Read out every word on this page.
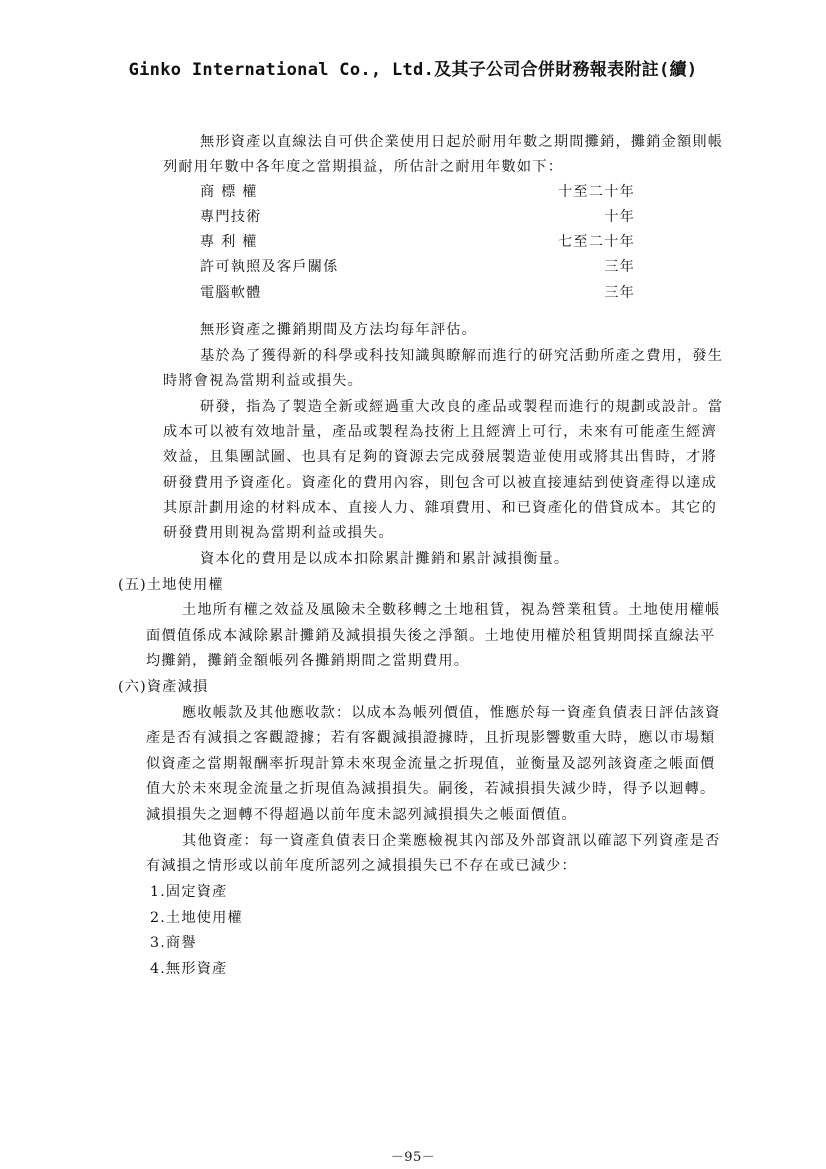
Ginko International Co., Ltd.及其子公司合併財務報表附註(續)
無形資產以直線法自可供企業使用日起於耐用年數之期間攤銷，攤銷金額則帳
列耐用年數中各年度之當期損益，所估計之耐用年數如下：
商 標 權	十至二十年
專門技術	十年
專 利 權	七至二十年
許可執照及客戶關係	三年
電腦軟體	三年
無形資產之攤銷期間及方法均每年評估。
基於為了獲得新的科學或科技知識與瞭解而進行的研究活動所產之費用，發生
時將會視為當期利益或損失。
研發，指為了製造全新或經過重大改良的產品或製程而進行的規劃或設計。當
成本可以被有效地計量，產品或製程為技術上且經濟上可行，未來有可能產生經濟
效益，且集團試圖、也具有足夠的資源去完成發展製造並使用或將其出售時，才將
研發費用予資產化。資產化的費用內容，則包含可以被直接連結到使資產得以達成
其原計劃用途的材料成本、直接人力、雜項費用、和已資產化的借貸成本。其它的
研發費用則視為當期利益或損失。
資本化的費用是以成本扣除累計攤銷和累計減損衡量。
(五)土地使用權
土地所有權之效益及風險未全數移轉之土地租賃，視為營業租賃。土地使用權帳
面價值係成本減除累計攤銷及減損損失後之淨額。土地使用權於租賃期間採直線法平
均攤銷，攤銷金額帳列各攤銷期間之當期費用。
(六)資產減損
應收帳款及其他應收款：以成本為帳列價值，惟應於每一資產負債表日評估該資
產是否有減損之客觀證據；若有客觀減損證據時，且折現影響數重大時，應以市場類
似資產之當期報酬率折現計算未來現金流量之折現值，並衡量及認列該資產之帳面價
值大於未來現金流量之折現值為減損損失。嗣後，若減損損失減少時，得予以迴轉。
減損損失之迴轉不得超過以前年度未認列減損損失之帳面價值。
其他資產：每一資產負債表日企業應檢視其內部及外部資訊以確認下列資產是否
有減損之情形或以前年度所認列之減損損失已不存在或已減少：
1.固定資產
2.土地使用權
3.商譽
4.無形資產
－95－
